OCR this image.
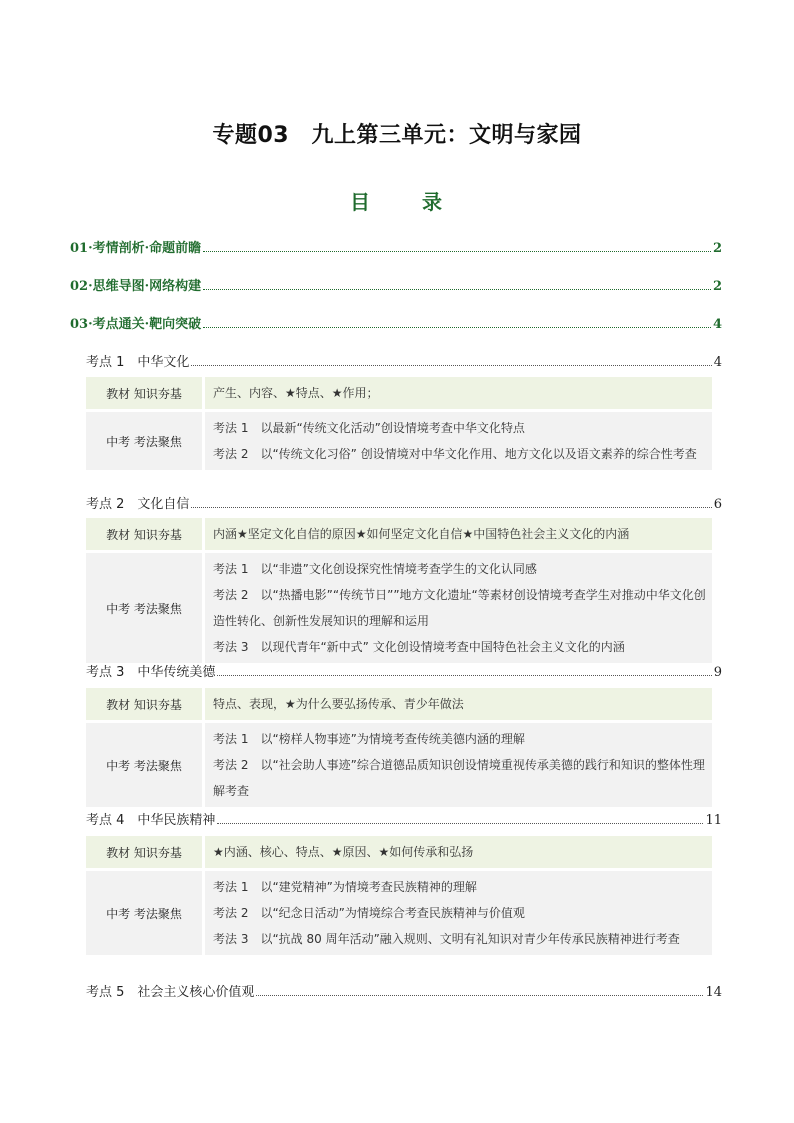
专题03　九上第三单元：文明与家园
目　录
01·考情剖析·命题前瞻	2
02·思维导图·网络构建	2
03·考点通关·靶向突破	4
考点 1　中华文化	4
教材 知识夯基	产生、内容、★特点、★作用；
中考 考法聚焦	考法 1　以最新“传统文化活动”创设情境考查中华文化特点
考法 2　以“传统文化习俗” 创设情境对中华文化作用、地方文化以及语文素养的综合性考查
考点 2　文化自信	6
教材 知识夯基	内涵★坚定文化自信的原因★如何坚定文化自信★中国特色社会主义文化的内涵
中考 考法聚焦	考法 1　以“非遗”文化创设探究性情境考查学生的文化认同感
考法 2　以“热播电影”“传统节日””地方文化遗址“等素材创设情境考查学生对推动中华文化创造性转化、创新性发展知识的理解和运用
考法 3　以现代青年“新中式” 文化创设情境考查中国特色社会主义文化的内涵
考点 3　中华传统美德	9
教材 知识夯基	特点、表现，★为什么要弘扬传承、青少年做法
中考 考法聚焦	考法 1　以“榜样人物事迹”为情境考查传统美德内涵的理解
考法 2　以“社会助人事迹”综合道德品质知识创设情境重视传承美德的践行和知识的整体性理解考查
考点 4　中华民族精神	11
教材 知识夯基	★内涵、核心、特点、★原因、★如何传承和弘扬
中考 考法聚焦	考法 1　以“建党精神”为情境考查民族精神的理解
考法 2　以“纪念日活动”为情境综合考查民族精神与价值观
考法 3　以“抗战 80 周年活动”融入规则、文明有礼知识对青少年传承民族精神进行考查
考点 5　社会主义核心价值观	14
